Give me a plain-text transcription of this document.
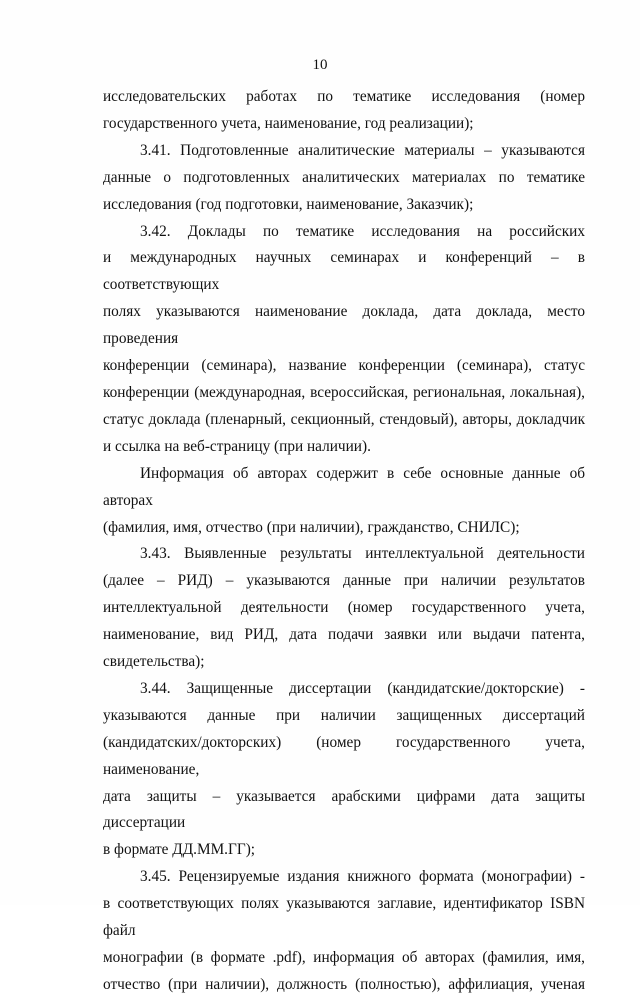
10
исследовательских работах по тематике исследования (номер
государственного учета, наименование, год реализации);
3.41. Подготовленные аналитические материалы – указываются
данные о подготовленных аналитических материалах по тематике
исследования (год подготовки, наименование, Заказчик);
3.42. Доклады по тематике исследования на российских
и международных научных семинарах и конференций – в соответствующих
полях указываются наименование доклада, дата доклада, место проведения
конференции (семинара), название конференции (семинара), статус
конференции (международная, всероссийская, региональная, локальная),
статус доклада (пленарный, секционный, стендовый), авторы, докладчик
и ссылка на веб-страницу (при наличии).
Информация об авторах содержит в себе основные данные об авторах
(фамилия, имя, отчество (при наличии), гражданство, СНИЛС);
3.43. Выявленные результаты интеллектуальной деятельности
(далее – РИД) – указываются данные при наличии результатов
интеллектуальной деятельности (номер государственного учета,
наименование, вид РИД, дата подачи заявки или выдачи патента,
свидетельства);
3.44. Защищенные диссертации (кандидатские/докторские) -
указываются данные при наличии защищенных диссертаций
(кандидатских/докторских) (номер государственного учета, наименование,
дата защиты – указывается арабскими цифрами дата защиты диссертации
в формате ДД.ММ.ГГ);
3.45. Рецензируемые издания книжного формата (монографии) -
в соответствующих полях указываются заглавие, идентификатор ISBN файл
монографии (в формате .pdf), информация об авторах (фамилия, имя,
отчество (при наличии), должность (полностью), аффилиация, ученая
